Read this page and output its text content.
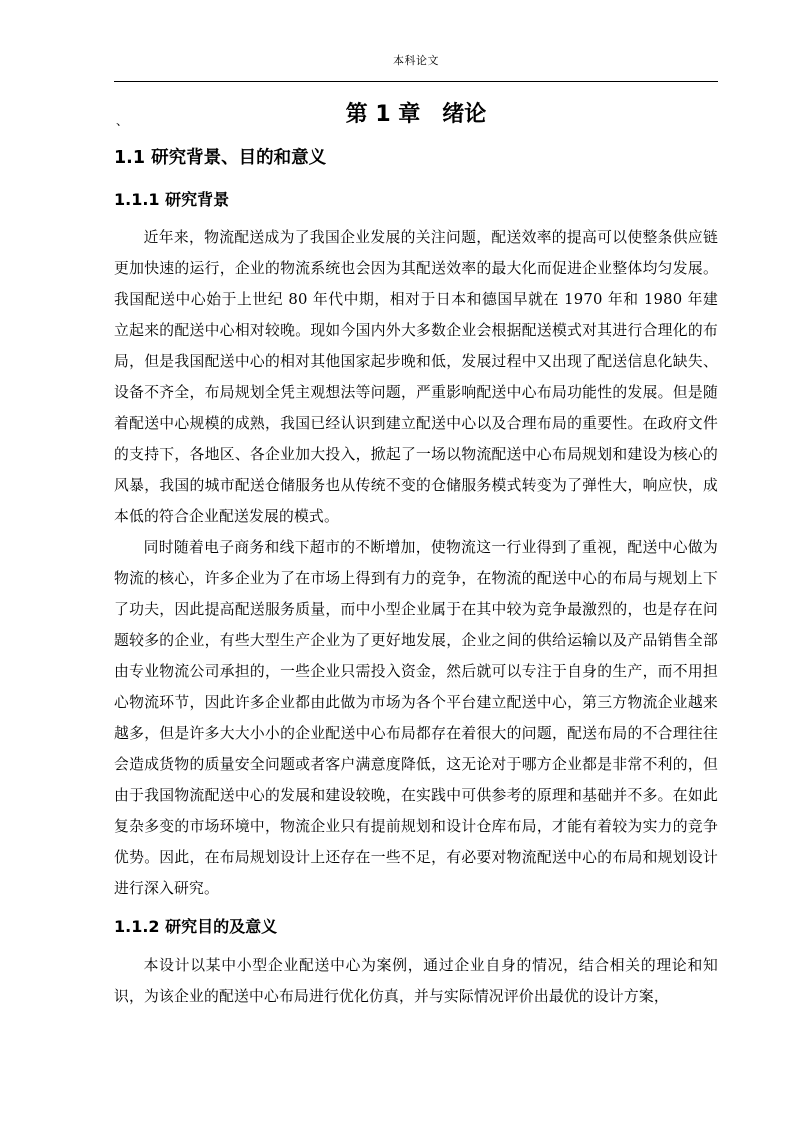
本科论文
、	第 1 章　绪论
1.1 研究背景、目的和意义
1.1.1 研究背景

近年来，物流配送成为了我国企业发展的关注问题，配送效率的提高可以使整条供应链更加快速的运行，企业的物流系统也会因为其配送效率的最大化而促进企业整体均匀发展。我国配送中心始于上世纪 80 年代中期，相对于日本和德国早就在 1970 年和 1980 年建立起来的配送中心相对较晚。现如今国内外大多数企业会根据配送模式对其进行合理化的布局，但是我国配送中心的相对其他国家起步晚和低，发展过程中又出现了配送信息化缺失、设备不齐全，布局规划全凭主观想法等问题，严重影响配送中心布局功能性的发展。但是随着配送中心规模的成熟，我国已经认识到建立配送中心以及合理布局的重要性。在政府文件的支持下，各地区、各企业加大投入，掀起了一场以物流配送中心布局规划和建设为核心的风暴，我国的城市配送仓储服务也从传统不变的仓储服务模式转变为了弹性大，响应快，成本低的符合企业配送发展的模式。

同时随着电子商务和线下超市的不断增加，使物流这一行业得到了重视，配送中心做为物流的核心，许多企业为了在市场上得到有力的竞争，在物流的配送中心的布局与规划上下了功夫，因此提高配送服务质量，而中小型企业属于在其中较为竞争最激烈的，也是存在问题较多的企业，有些大型生产企业为了更好地发展，企业之间的供给运输以及产品销售全部由专业物流公司承担的，一些企业只需投入资金，然后就可以专注于自身的生产，而不用担心物流环节，因此许多企业都由此做为市场为各个平台建立配送中心，第三方物流企业越来越多，但是许多大大小小的企业配送中心布局都存在着很大的问题，配送布局的不合理往往会造成货物的质量安全问题或者客户满意度降低，这无论对于哪方企业都是非常不利的，但由于我国物流配送中心的发展和建设较晚，在实践中可供参考的原理和基础并不多。在如此复杂多变的市场环境中，物流企业只有提前规划和设计仓库布局，才能有着较为实力的竞争优势。因此，在布局规划设计上还存在一些不足，有必要对物流配送中心的布局和规划设计进行深入研究。

1.1.2 研究目的及意义

本设计以某中小型企业配送中心为案例，通过企业自身的情况，结合相关的理论和知识，为该企业的配送中心布局进行优化仿真，并与实际情况评价出最优的设计方案，
